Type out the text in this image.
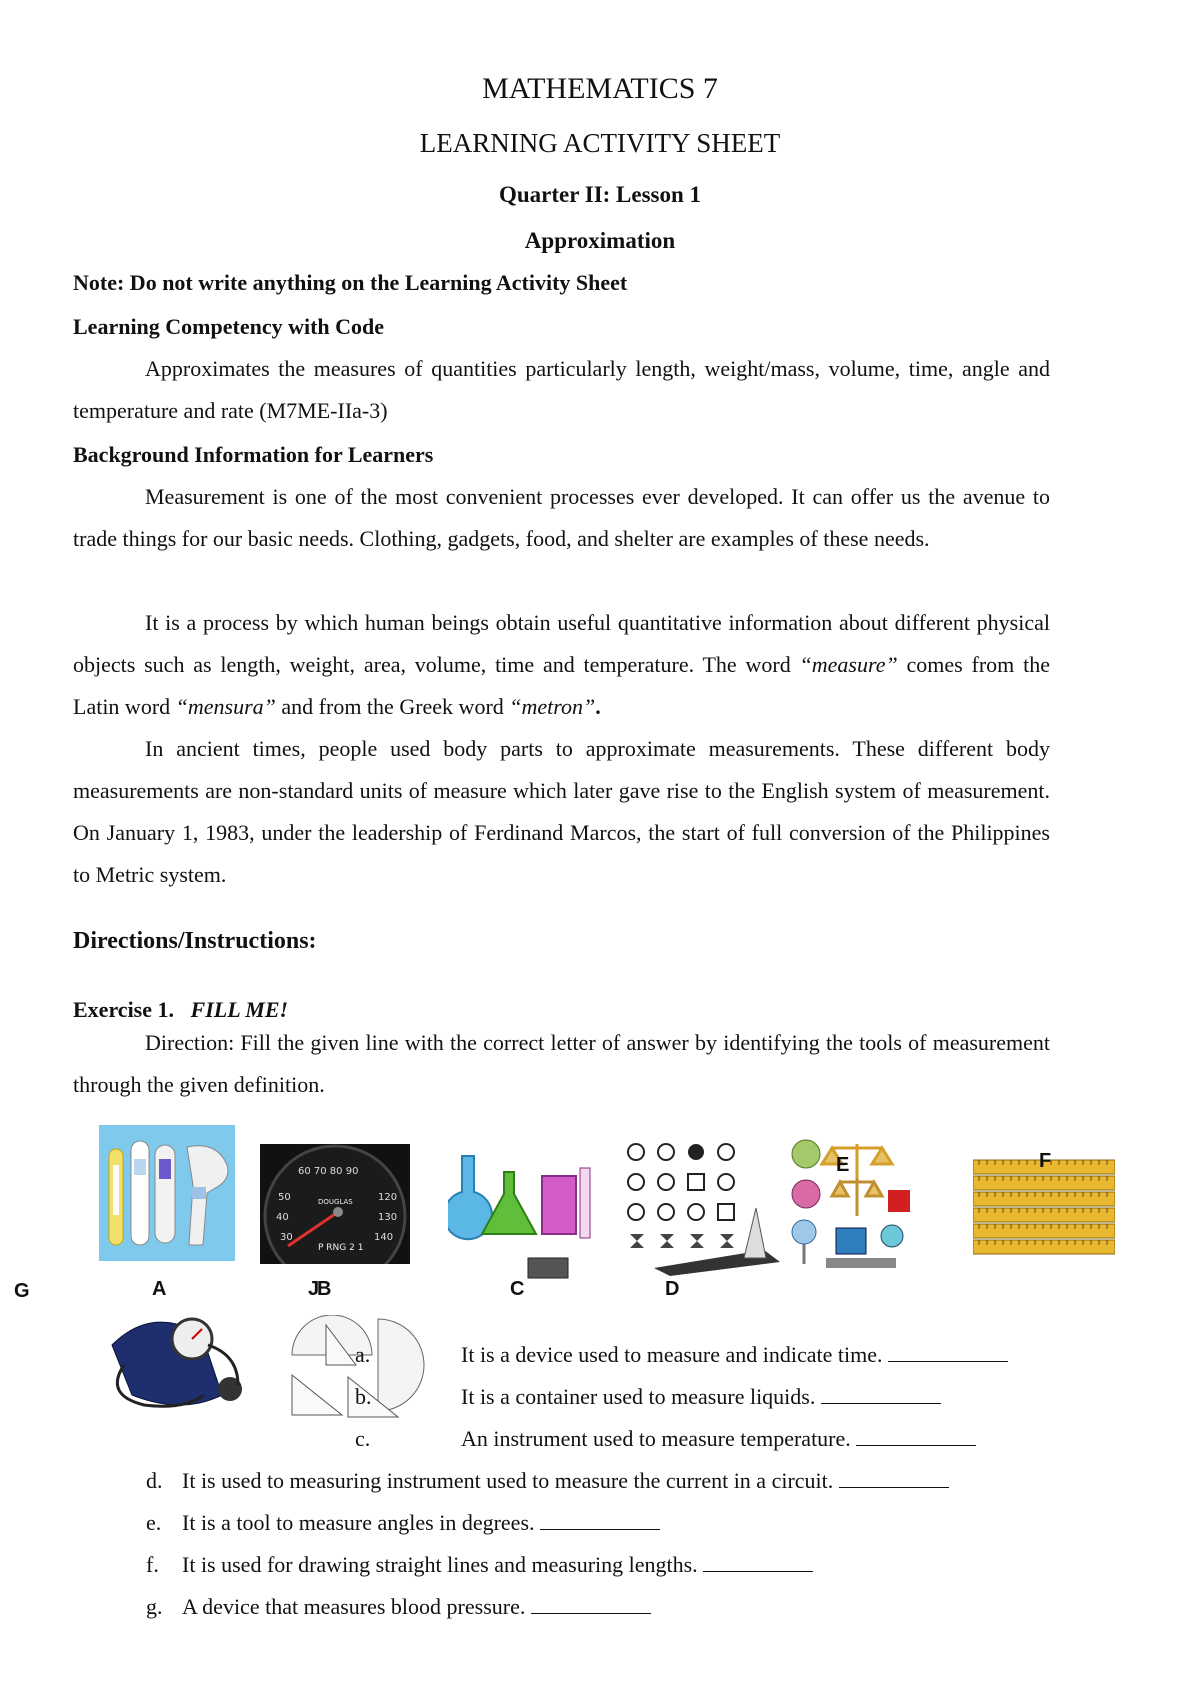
MATHEMATICS 7
LEARNING ACTIVITY SHEET
Quarter II: Lesson 1
Approximation
Note: Do not write anything on the Learning Activity Sheet
Learning Competency with Code

Approximates the measures of quantities particularly length, weight/mass, volume, time, angle and temperature and rate (M7ME-IIa-3)

Background Information for Learners

Measurement is one of the most convenient processes ever developed. It can offer us the avenue to trade things for our basic needs. Clothing, gadgets, food, and shelter are examples of these needs.

It is a process by which human beings obtain useful quantitative information about different physical objects such as length, weight, area, volume, time and temperature. The word “measure” comes from the Latin word “mensura” and from the Greek word “metron”.

In ancient times, people used body parts to approximate measurements. These different body measurements are non-standard units of measure which later gave rise to the English system of measurement. On January 1, 1983, under the leadership of Ferdinand Marcos, the start of full conversion of the Philippines to Metric system.

Directions/Instructions:
Exercise 1. FILL ME!

Direction: Fill the given line with the correct letter of answer by identifying the tools of measurement through the given definition.

A
60 70 80 90
50
40
30
120
130
140
DOUGLAS
P RNG 2 1
B	C	D
E	F
G	J
a.	It is a device used to measure and indicate time.
b.	It is a container used to measure liquids.
c.	An instrument used to measure temperature.
d. It is used to measuring instrument used to measure the current in a circuit.
e. It is a tool to measure angles in degrees.
f. It is used for drawing straight lines and measuring lengths.
g. A device that measures blood pressure.
